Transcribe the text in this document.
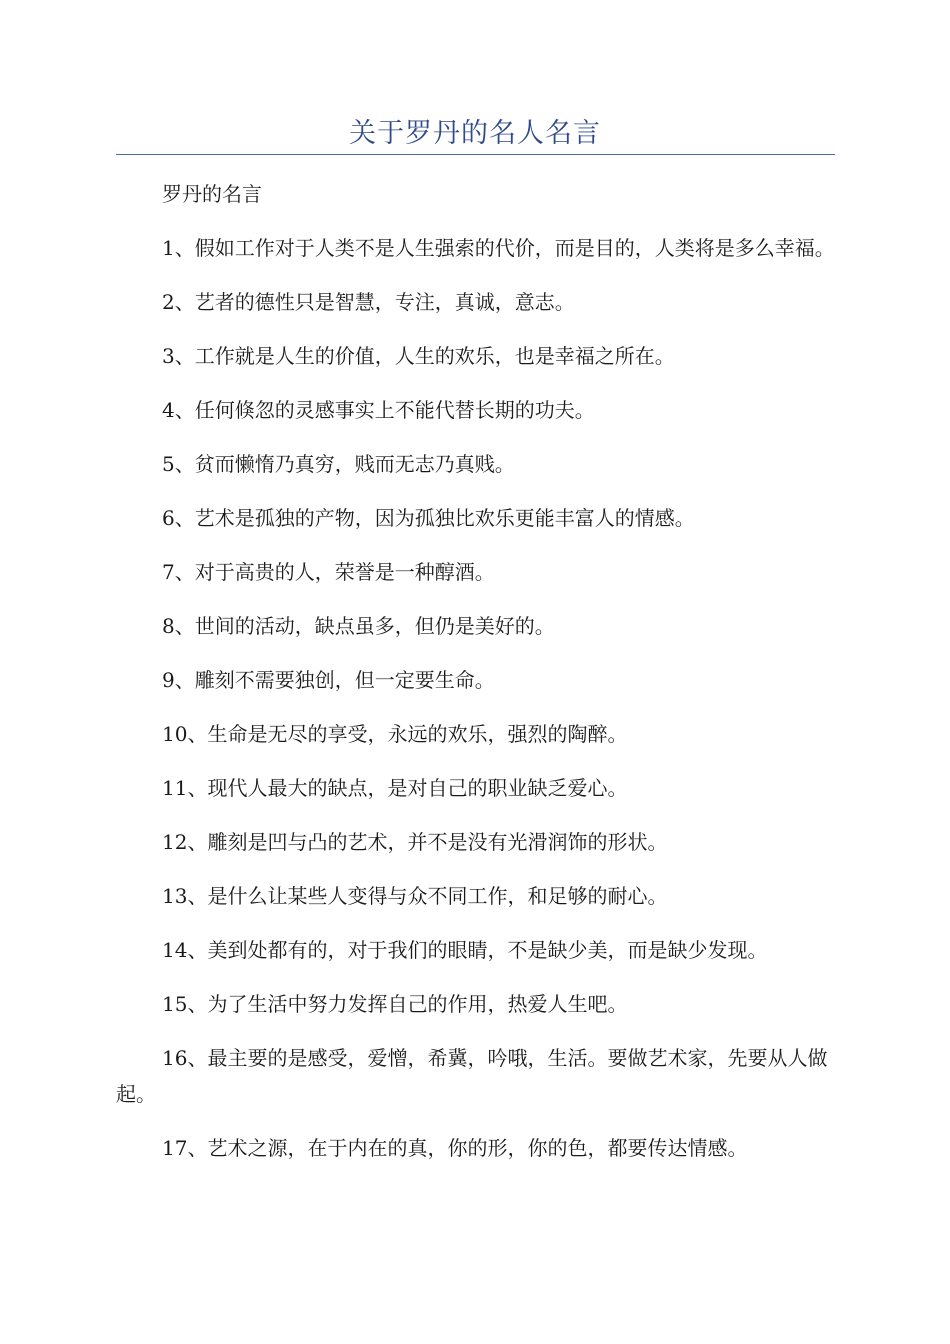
关于罗丹的名人名言

罗丹的名言

1、假如工作对于人类不是人生强索的代价，而是目的，人类将是多么幸福。

2、艺者的德性只是智慧，专注，真诚，意志。

3、工作就是人生的价值，人生的欢乐，也是幸福之所在。

4、任何倏忽的灵感事实上不能代替长期的功夫。

5、贫而懒惰乃真穷，贱而无志乃真贱。

6、艺术是孤独的产物，因为孤独比欢乐更能丰富人的情感。

7、对于高贵的人，荣誉是一种醇酒。

8、世间的活动，缺点虽多，但仍是美好的。

9、雕刻不需要独创，但一定要生命。

10、生命是无尽的享受，永远的欢乐，强烈的陶醉。

11、现代人最大的缺点，是对自己的职业缺乏爱心。

12、雕刻是凹与凸的艺术，并不是没有光滑润饰的形状。

13、是什么让某些人变得与众不同工作，和足够的耐心。

14、美到处都有的，对于我们的眼睛，不是缺少美，而是缺少发现。

15、为了生活中努力发挥自己的作用，热爱人生吧。

16、最主要的是感受，爱憎，希冀，吟哦，生活。要做艺术家，先要从人做起。

17、艺术之源，在于内在的真，你的形，你的色，都要传达情感。
